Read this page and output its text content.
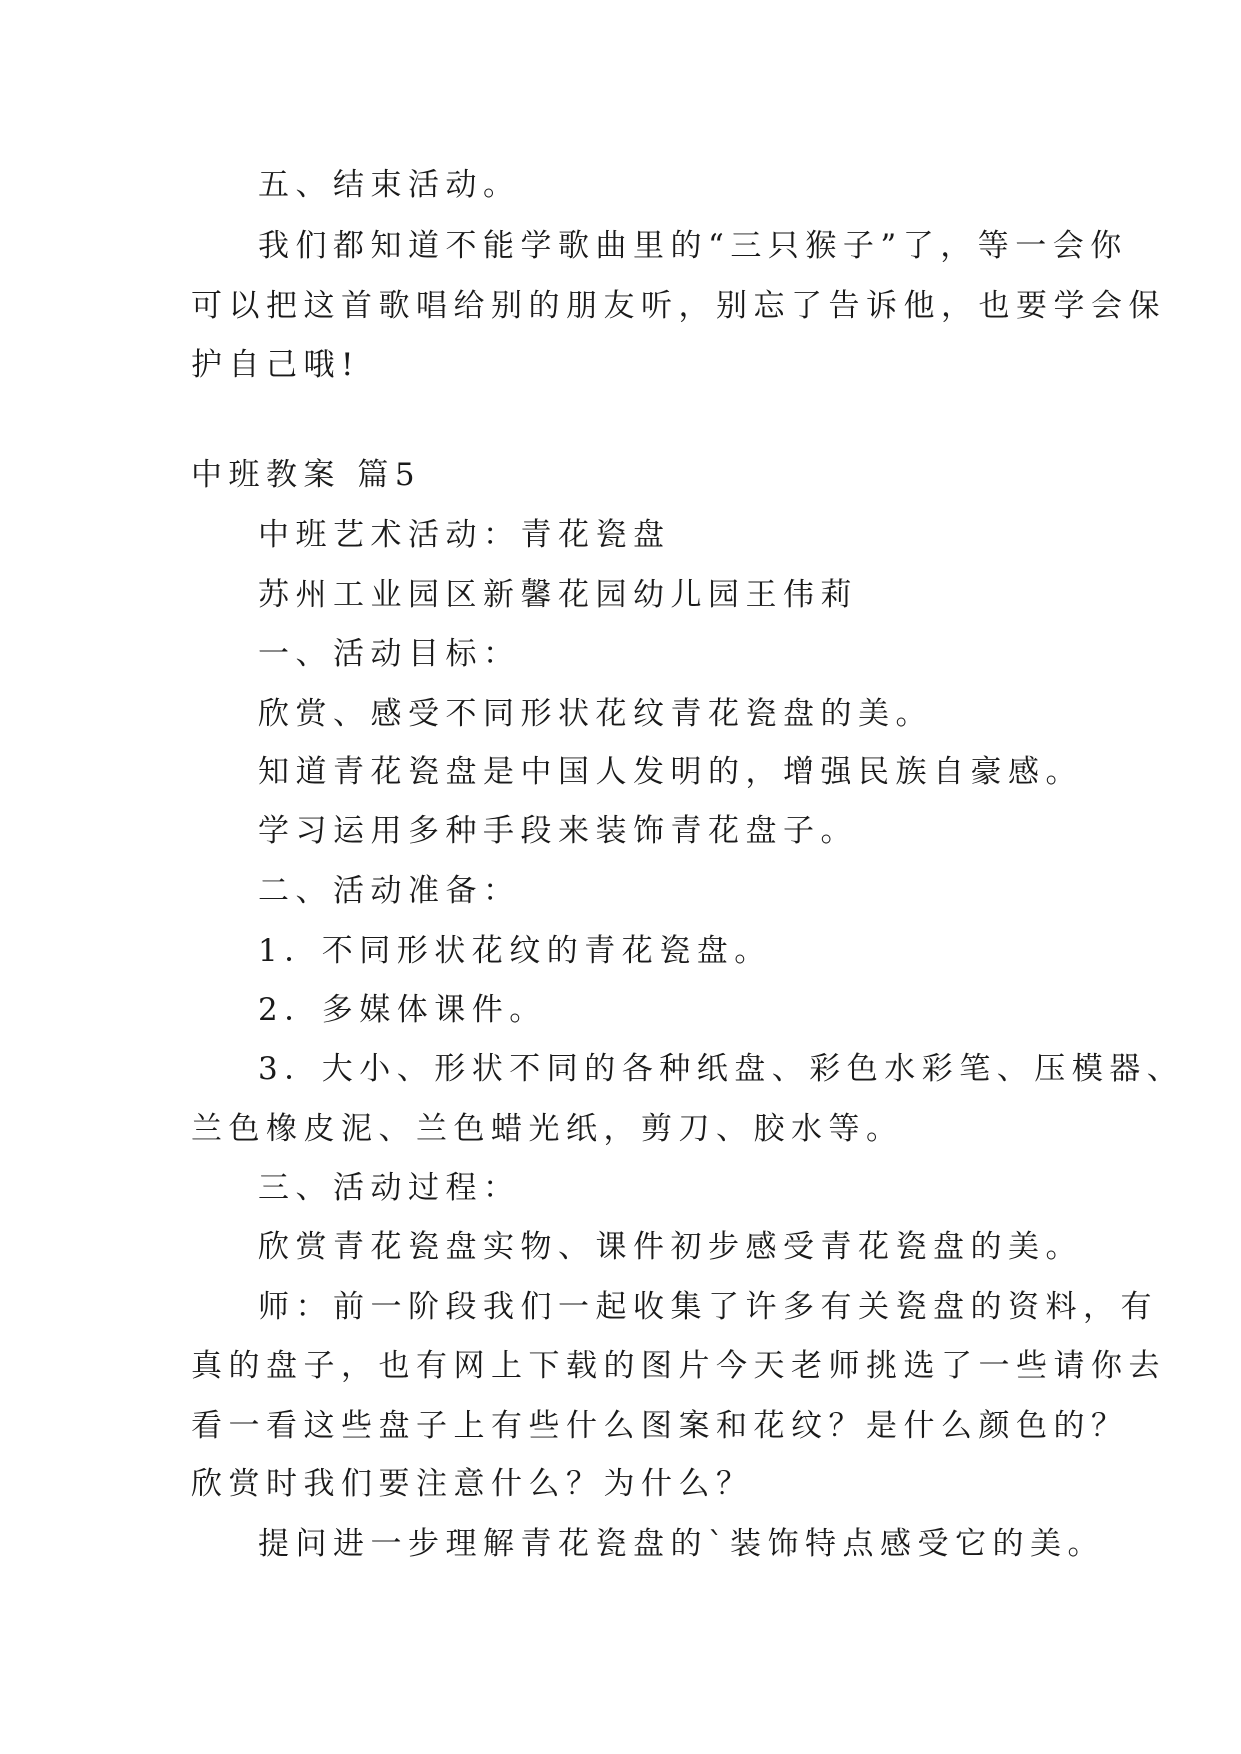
五、结束活动。
我们都知道不能学歌曲里的“三只猴子”了，等一会你
可以把这首歌唱给别的朋友听，别忘了告诉他，也要学会保
护自己哦!
中班教案 篇5
中班艺术活动：青花瓷盘
苏州工业园区新馨花园幼儿园王伟莉
一、活动目标：
欣赏、感受不同形状花纹青花瓷盘的美。
知道青花瓷盘是中国人发明的，增强民族自豪感。
学习运用多种手段来装饰青花盘子。
二、活动准备：
1．不同形状花纹的青花瓷盘。
2．多媒体课件。
3．大小、形状不同的各种纸盘、彩色水彩笔、压模器、
兰色橡皮泥、兰色蜡光纸，剪刀、胶水等。
三、活动过程：
欣赏青花瓷盘实物、课件初步感受青花瓷盘的美。
师：前一阶段我们一起收集了许多有关瓷盘的资料，有
真的盘子，也有网上下载的图片今天老师挑选了一些请你去
看一看这些盘子上有些什么图案和花纹？是什么颜色的？
欣赏时我们要注意什么？为什么？
提问进一步理解青花瓷盘的`装饰特点感受它的美。
